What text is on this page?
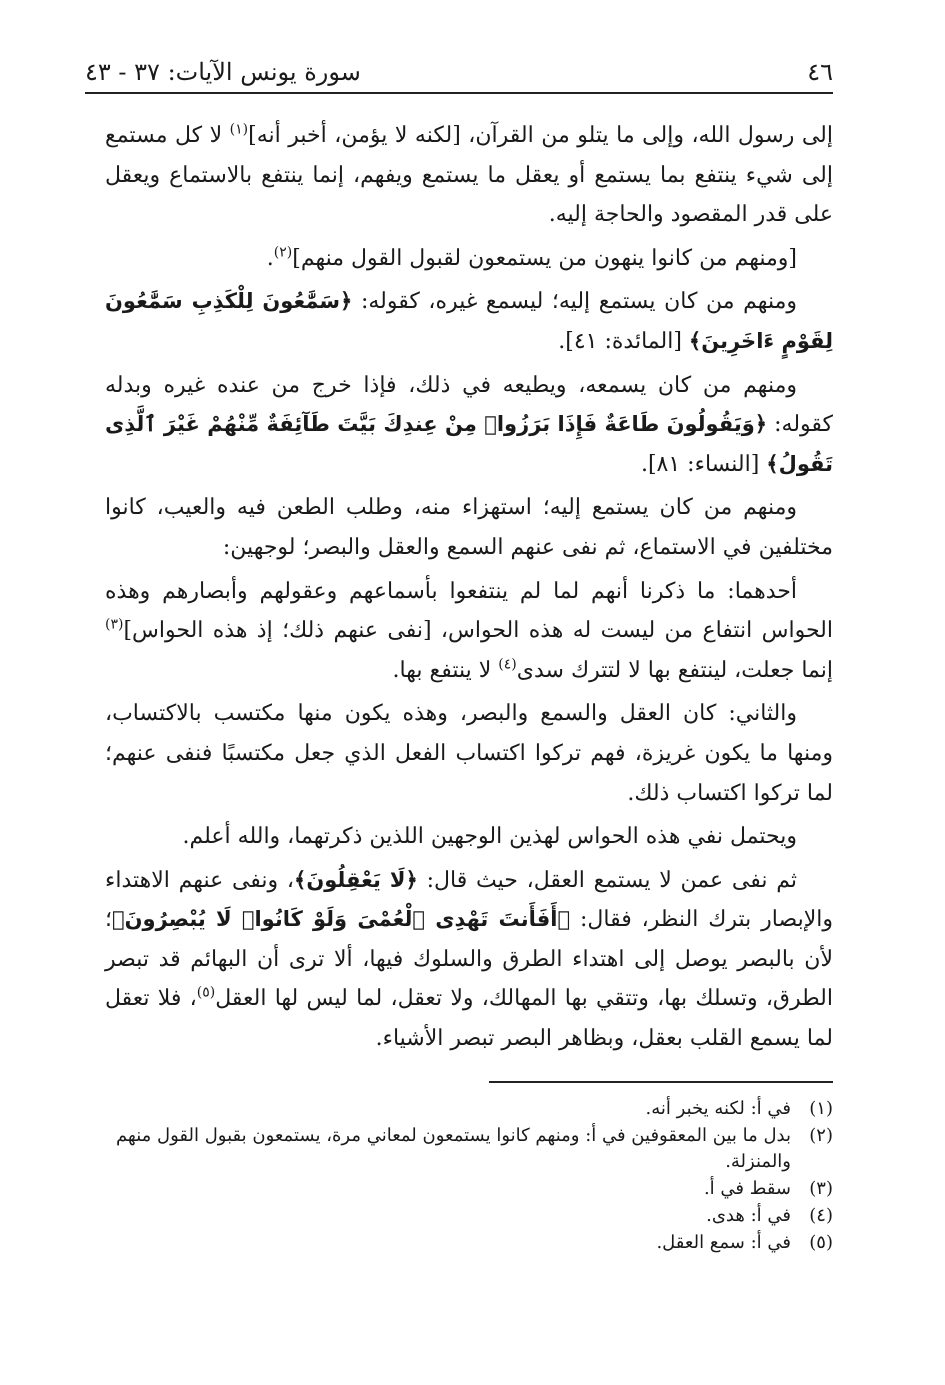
٤٦
سورة يونس الآيات: ٣٧ - ٤٣

إلى رسول الله، وإلى ما يتلو من القرآن، [لكنه لا يؤمن، أخبر أنه]$^{(١)}$ لا كل مستمع إلى شيء ينتفع بما يستمع أو يعقل ما يستمع ويفهم، إنما ينتفع بالاستماع ويعقل على قدر المقصود والحاجة إليه.

[ومنهم من كانوا ينهون من يستمعون لقبول القول منهم]$^{(٢)}$.

ومنهم من كان يستمع إليه؛ ليسمع غيره، كقوله: ﴿سَمَّٰعُونَ لِلْكَذِبِ سَمَّٰعُونَ لِقَوْمٍ ءَاخَرِينَ﴾ [المائدة: ٤١].

ومنهم من كان يسمعه، ويطيعه في ذلك، فإذا خرج من عنده غيره وبدله كقوله: ﴿وَيَقُولُونَ طَاعَةٌ فَإِذَا بَرَزُوا۟ مِنْ عِندِكَ بَيَّتَ طَآئِفَةٌ مِّنْهُمْ غَيْرَ ٱلَّذِى تَقُولُ﴾ [النساء: ٨١].

ومنهم من كان يستمع إليه؛ استهزاء منه، وطلب الطعن فيه والعيب، كانوا مختلفين في الاستماع، ثم نفى عنهم السمع والعقل والبصر؛ لوجهين:

أحدهما: ما ذكرنا أنهم لما لم ينتفعوا بأسماعهم وعقولهم وأبصارهم وهذه الحواس انتفاع من ليست له هذه الحواس، [نفى عنهم ذلك؛ إذ هذه الحواس]$^{(٣)}$ إنما جعلت، لينتفع بها لا لتترك سدى$^{(٤)}$ لا ينتفع بها.

والثاني: كان العقل والسمع والبصر، وهذه يكون منها مكتسب بالاكتساب، ومنها ما يكون غريزة، فهم تركوا اكتساب الفعل الذي جعل مكتسبًا فنفى عنهم؛ لما تركوا اكتساب ذلك.

ويحتمل نفي هذه الحواس لهذين الوجهين اللذين ذكرتهما، والله أعلم.

ثم نفى عمن لا يستمع العقل، حيث قال: ﴿لَا يَعْقِلُونَ﴾، ونفى عنهم الاهتداء والإبصار بترك النظر، فقال: ﴿أَفَأَنتَ تَهْدِى ٱلْعُمْىَ وَلَوْ كَانُوا۟ لَا يُبْصِرُونَ﴾؛ لأن بالبصر يوصل إلى اهتداء الطرق والسلوك فيها، ألا ترى أن البهائم قد تبصر الطرق، وتسلك بها، وتتقي بها المهالك، ولا تعقل، لما ليس لها العقل$^{(٥)}$، فلا تعقل لما يسمع القلب بعقل، وبظاهر البصر تبصر الأشياء.

(١)
في أ: لكنه يخبر أنه.
(٢)
بدل ما بين المعقوفين في أ: ومنهم كانوا يستمعون لمعاني مرة، يستمعون بقبول القول منهم والمنزلة.
(٣)
سقط في أ.
(٤)
في أ: هدى.
(٥)
في أ: سمع العقل.
